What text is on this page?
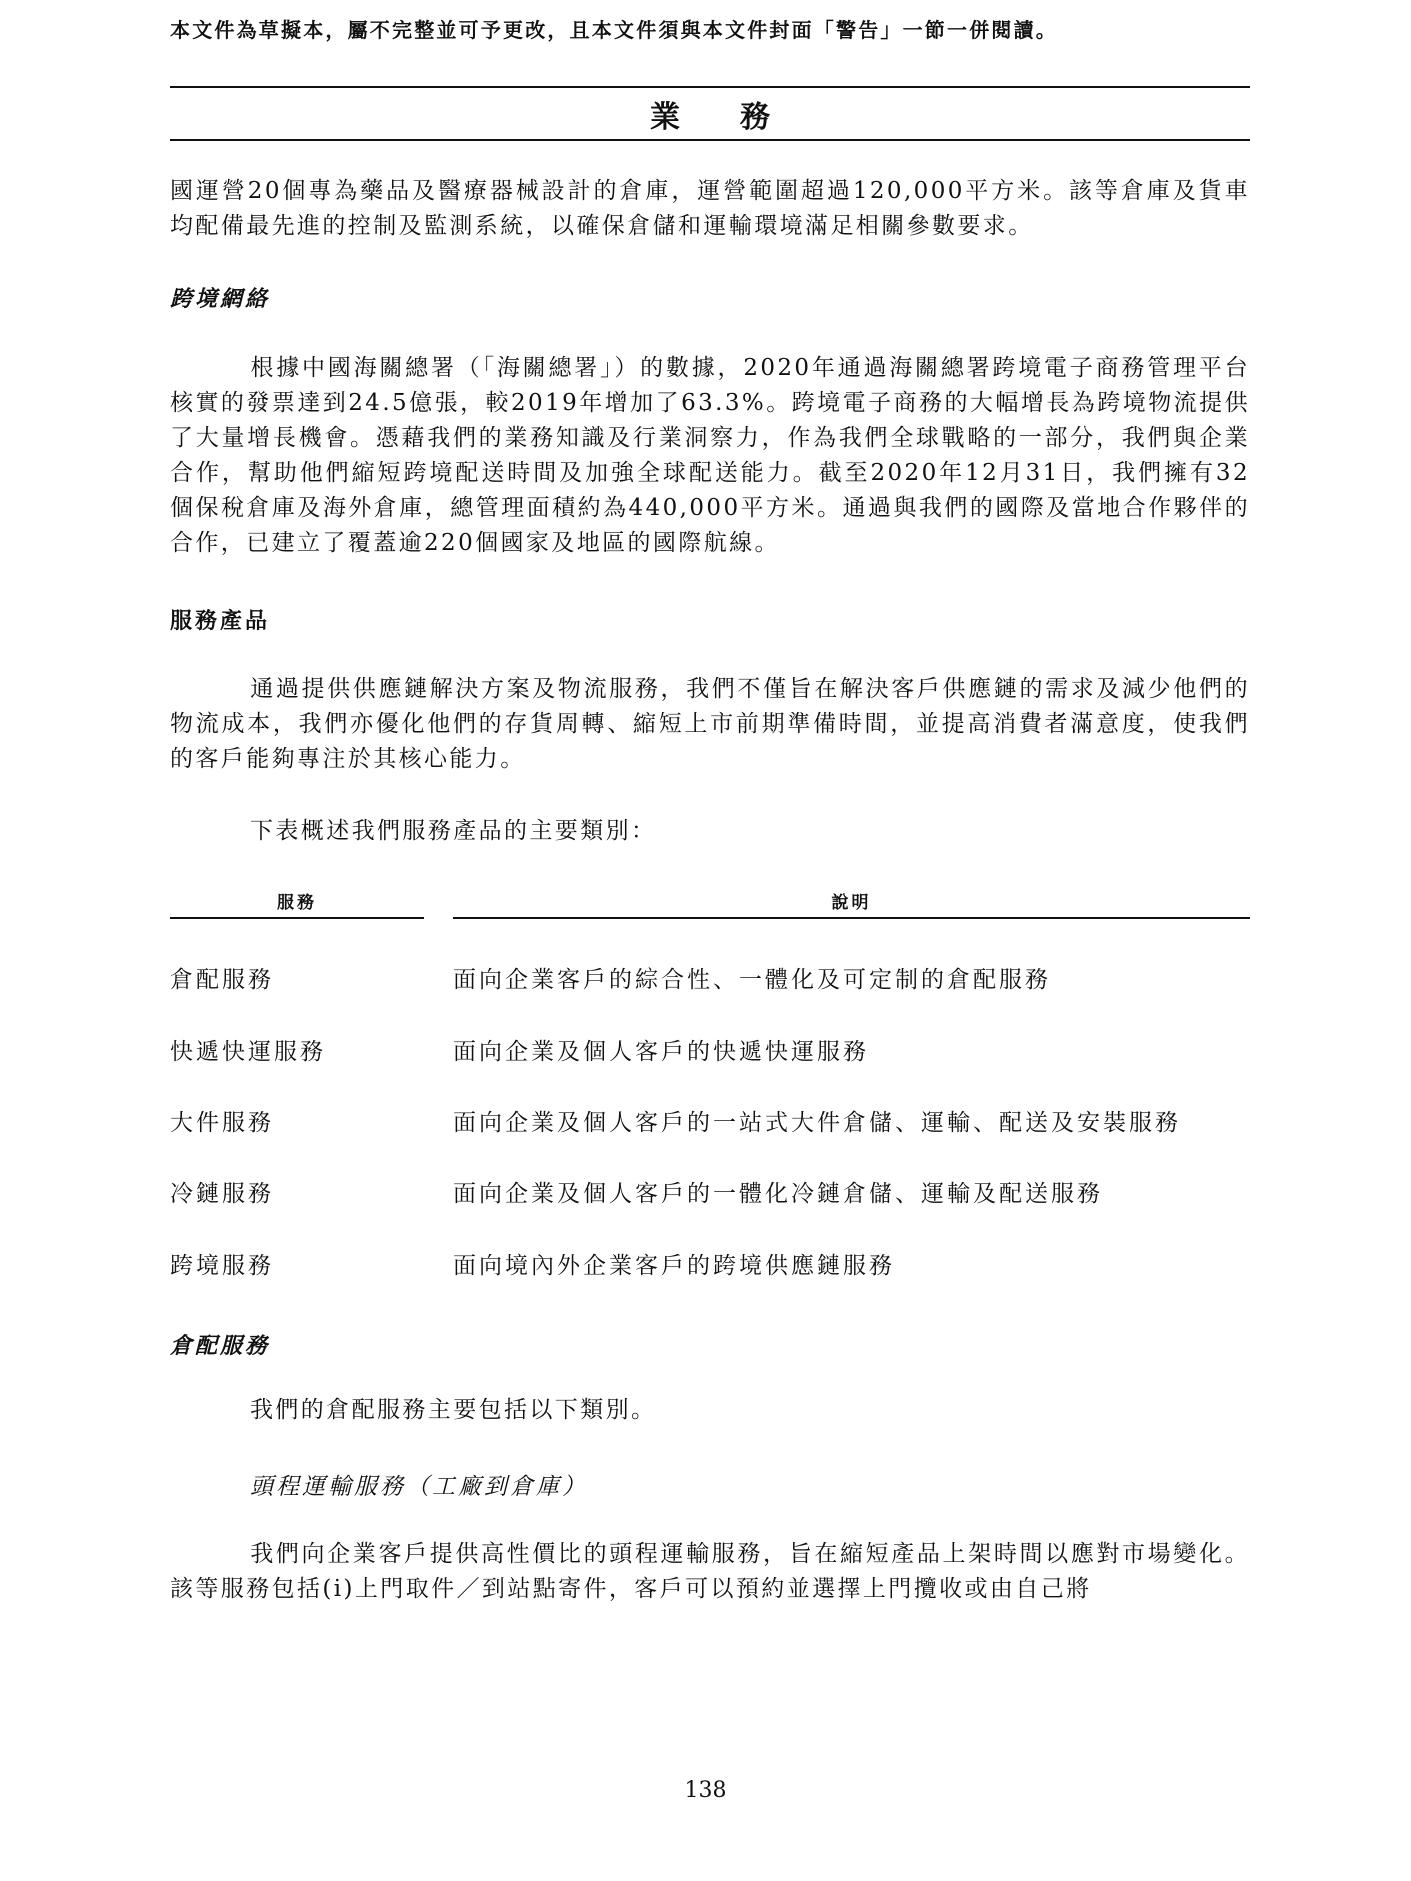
本文件為草擬本，屬不完整並可予更改，且本文件須與本文件封面「警告」一節一併閱讀。
業務
國運營20個專為藥品及醫療器械設計的倉庫，運營範圍超過120,000平方米。該等倉庫及貨車均配備最先進的控制及監測系統，以確保倉儲和運輸環境滿足相關參數要求。
跨境網絡
根據中國海關總署（「海關總署」）的數據，2020年通過海關總署跨境電子商務管理平台核實的發票達到24.5億張，較2019年增加了63.3%。跨境電子商務的大幅增長為跨境物流提供了大量增長機會。憑藉我們的業務知識及行業洞察力，作為我們全球戰略的一部分，我們與企業合作，幫助他們縮短跨境配送時間及加強全球配送能力。截至2020年12月31日，我們擁有32個保稅倉庫及海外倉庫，總管理面積約為440,000平方米。通過與我們的國際及當地合作夥伴的合作，已建立了覆蓋逾220個國家及地區的國際航線。
服務產品
通過提供供應鏈解決方案及物流服務，我們不僅旨在解決客戶供應鏈的需求及減少他們的物流成本，我們亦優化他們的存貨周轉、縮短上市前期準備時間，並提高消費者滿意度，使我們的客戶能夠專注於其核心能力。
下表概述我們服務產品的主要類別：
服務	說明
倉配服務	面向企業客戶的綜合性、一體化及可定制的倉配服務
快遞快運服務	面向企業及個人客戶的快遞快運服務
大件服務	面向企業及個人客戶的一站式大件倉儲、運輸、配送及安裝服務
冷鏈服務	面向企業及個人客戶的一體化冷鏈倉儲、運輸及配送服務
跨境服務	面向境內外企業客戶的跨境供應鏈服務
倉配服務
我們的倉配服務主要包括以下類別。
頭程運輸服務（工廠到倉庫）
我們向企業客戶提供高性價比的頭程運輸服務，旨在縮短產品上架時間以應對市場變化。該等服務包括(i)上門取件／到站點寄件，客戶可以預約並選擇上門攬收或由自己將
138
